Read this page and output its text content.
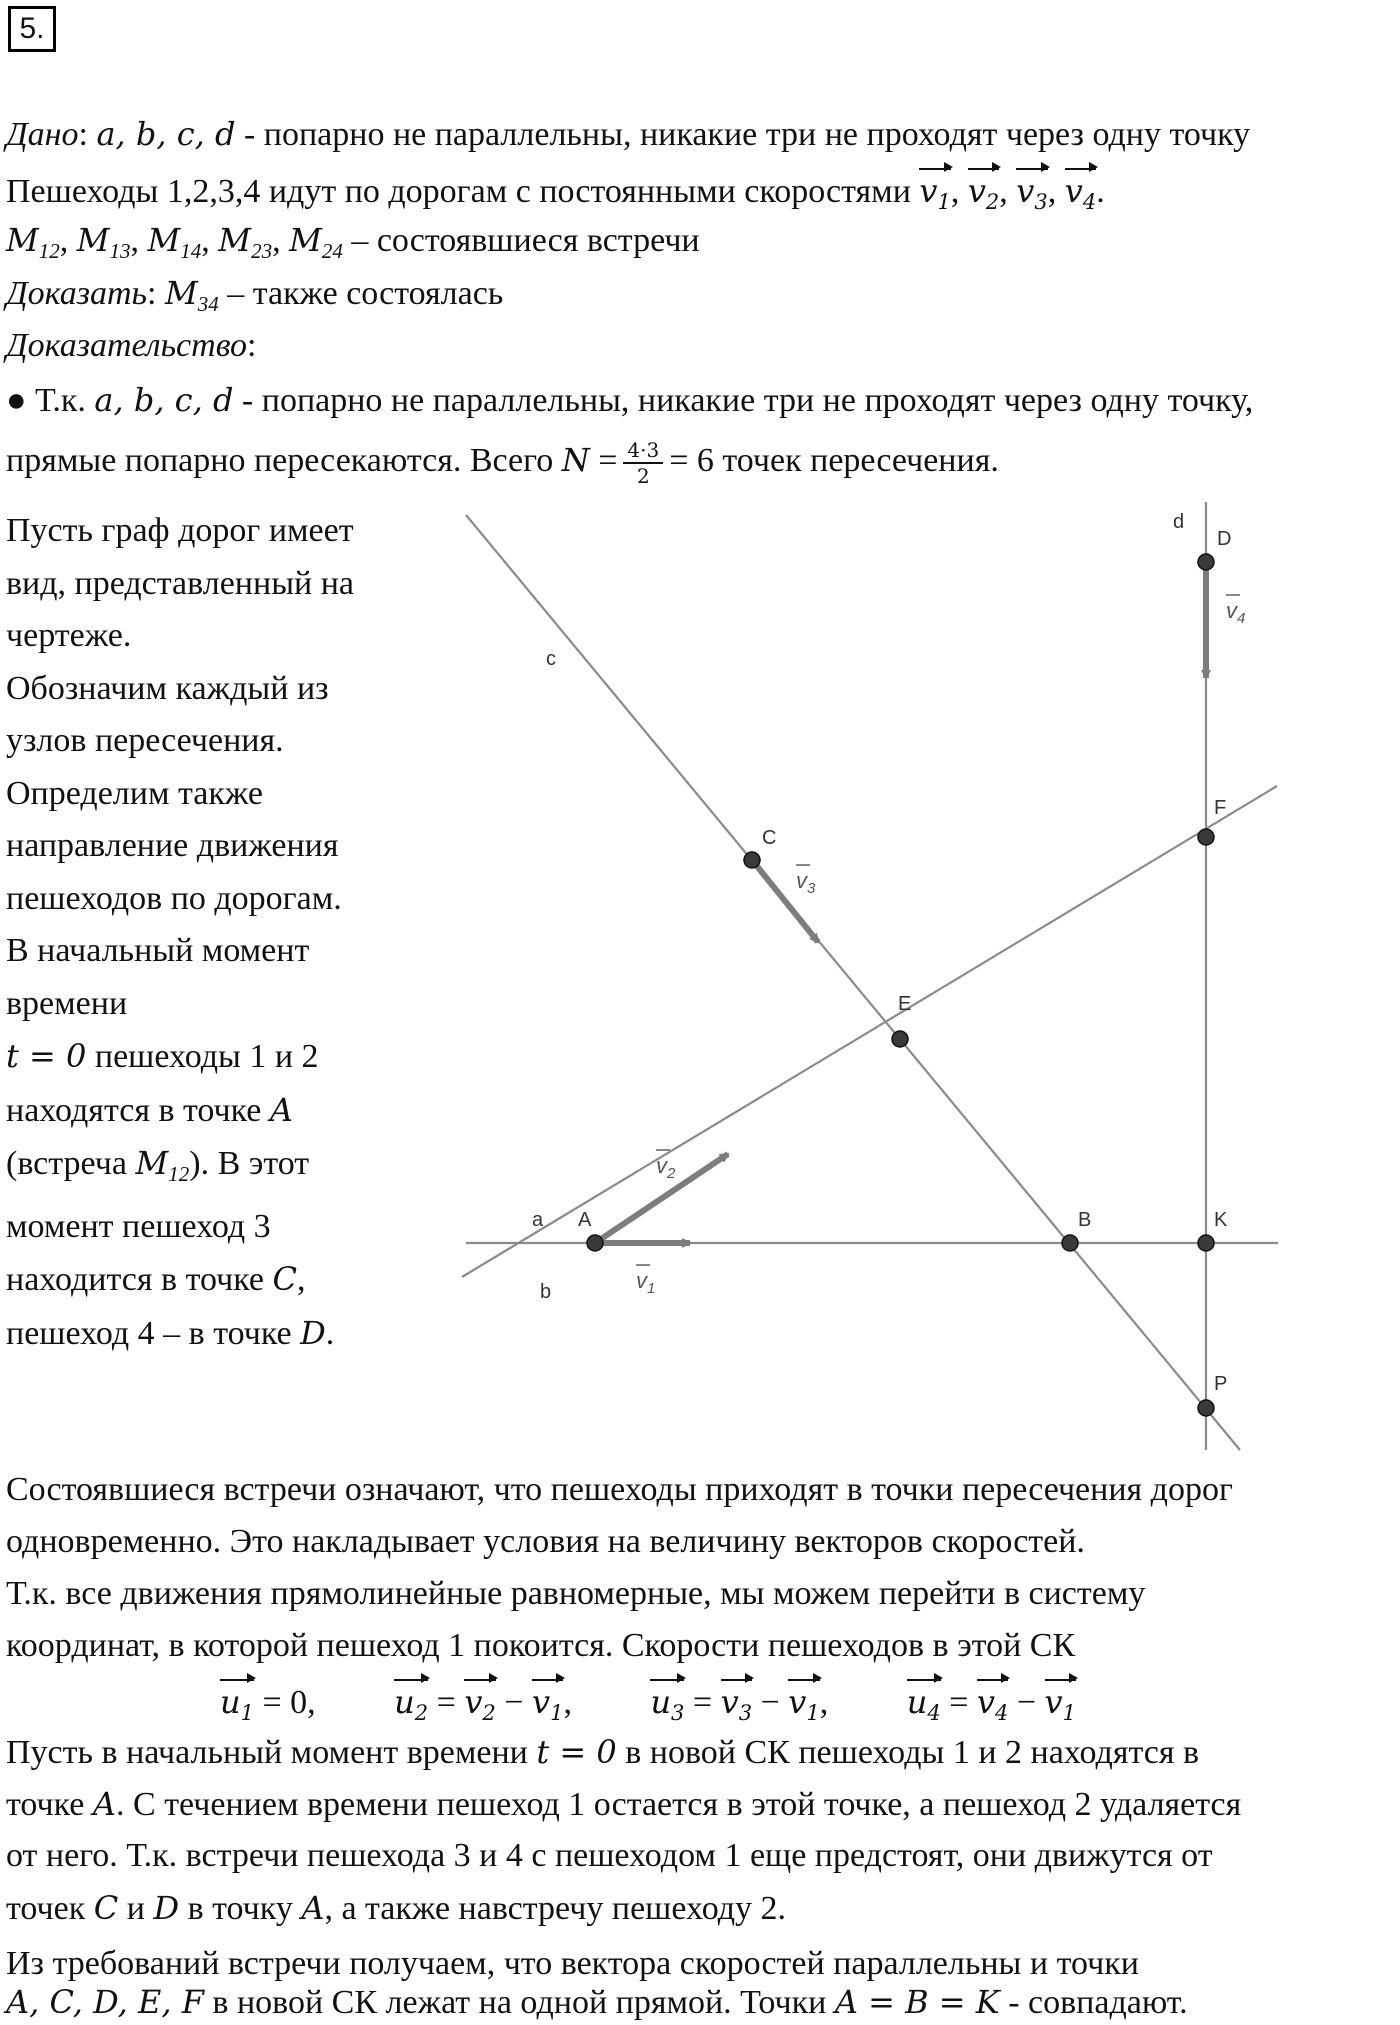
5.
Дано: a, b, c, d - попарно не параллельны, никакие три не проходят через одну точку
Пешеходы 1,2,3,4 идут по дорогам с постоянными скоростями $v_1$, $v_2$, $v_3$, $v_4$.
$M_{12}$, $M_{13}$, $M_{14}$, $M_{23}$, $M_{24}$ – состоявшиеся встречи
Доказать: $M_{34}$ – также состоялась
Доказательство:
● Т.к. a, b, c, d - попарно не параллельны, никакие три не проходят через одну точку,
прямые попарно пересекаются. Всего $N = \frac{4\cdot 3}{2} = 6$ точек пересечения.
Пусть граф дорог имеет
вид, представленный на
чертеже.
Обозначим каждый из
узлов пересечения.
Определим также
направление движения
пешеходов по дорогам.
В начальный момент
времени
t = 0 пешеходы 1 и 2
находятся в точке A
(встреча $M_{12}$). В этот
момент пешеход 3
находится в точке C,
пешеход 4 – в точке D.
a
b
c
d
A	B
C
D
E
F
K
P
$v_1$
$v_2$
$v_3$
$v_4$
Состоявшиеся встречи означают, что пешеходы приходят в точки пересечения дорог
одновременно. Это накладывает условия на величину векторов скоростей.
Т.к. все движения прямолинейные равномерные, мы можем перейти в систему
координат, в которой пешеход 1 покоится. Скорости пешеходов в этой СК
$u_1 = 0$, $u_2 = v_2 - v_1$, $u_3 = v_3 - v_1$, $u_4 = v_4 - v_1$
Пусть в начальный момент времени t = 0 в новой СК пешеходы 1 и 2 находятся в
точке A. С течением времени пешеход 1 остается в этой точке, а пешеход 2 удаляется
от него. Т.к. встречи пешехода 3 и 4 с пешеходом 1 еще предстоят, они движутся от
точек C и D в точку A, а также навстречу пешеходу 2.
Из требований встречи получаем, что вектора скоростей параллельны и точки
A, C, D, E, F в новой СК лежат на одной прямой. Точки A = B = K - совпадают.
